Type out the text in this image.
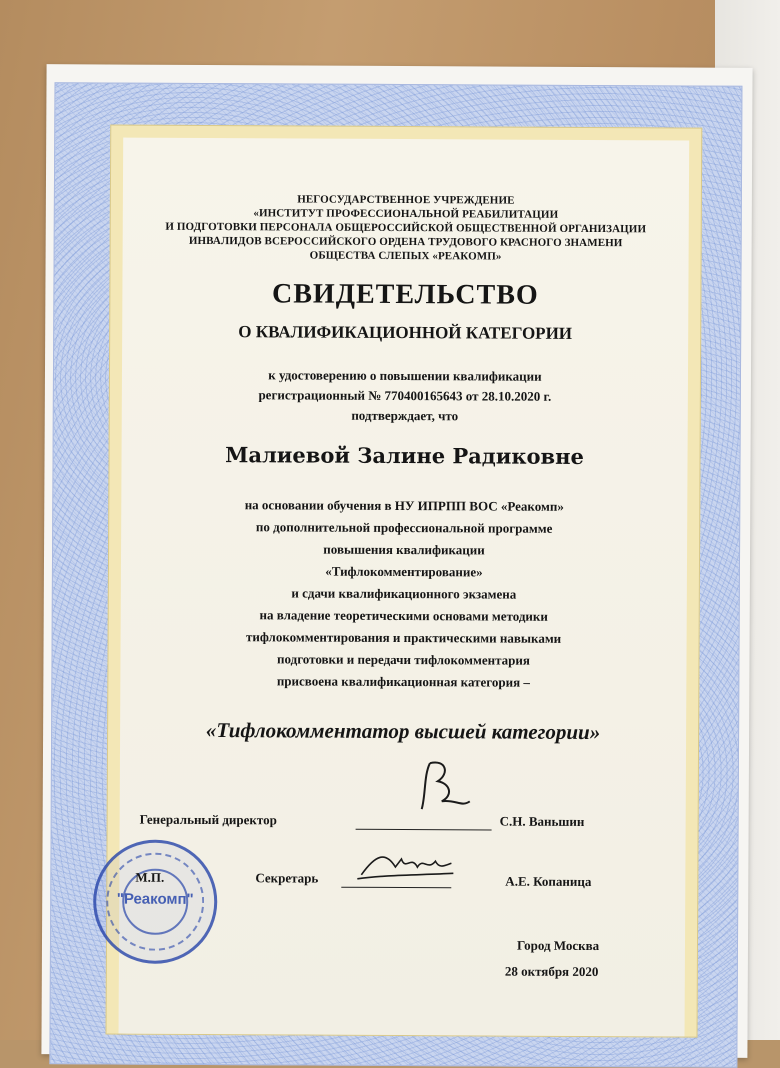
НЕГОСУДАРСТВЕННОЕ УЧРЕЖДЕНИЕ

«ИНСТИТУТ ПРОФЕССИОНАЛЬНОЙ РЕАБИЛИТАЦИИ

И ПОДГОТОВКИ ПЕРСОНАЛА ОБЩЕРОССИЙСКОЙ ОБЩЕСТВЕННОЙ ОРГАНИЗАЦИИ

ИНВАЛИДОВ ВСЕРОССИЙСКОГО ОРДЕНА ТРУДОВОГО КРАСНОГО ЗНАМЕНИ

ОБЩЕСТВА СЛЕПЫХ «РЕАКОМП»

СВИДЕТЕЛЬСТВО

О КВАЛИФИКАЦИОННОЙ КАТЕГОРИИ

к удостоверению о повышении квалификации

регистрационный № 770400165643 от 28.10.2020 г.

подтверждает, что

Малиевой Залине Радиковне

на основании обучения в НУ ИПРПП ВОС «Реакомп»

по дополнительной профессиональной программе

повышения квалификации

«Тифлокомментирование»

и сдачи квалификационного экзамена

на владение теоретическими основами методики

тифлокомментирования и практическими навыками

подготовки и передачи тифлокомментария

присвоена квалификационная категория –

«Тифлокомментатор высшей категории»

Генеральный директор	С.Н. Ваньшин

"Реакомп"

М.П.	Секретарь	А.Е. Копаница

Город Москва

28 октября 2020
